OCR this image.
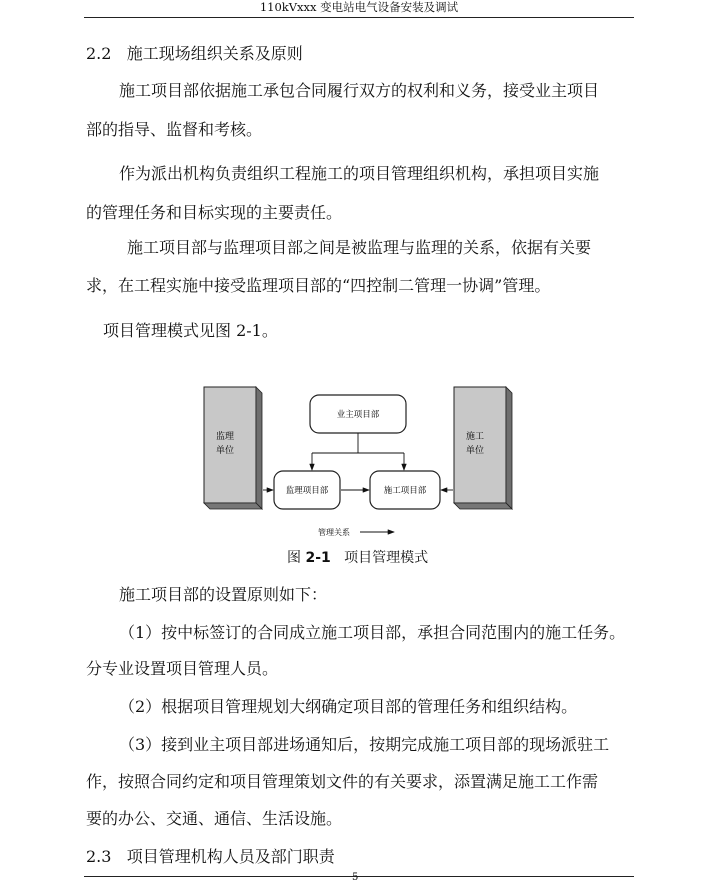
110kVxxx 变电站电气设备安装及调试
2.2 施工现场组织关系及原则
施工项目部依据施工承包合同履行双方的权利和义务，接受业主项目
部的指导、监督和考核。
作为派出机构负责组织工程施工的项目管理组织机构，承担项目实施
的管理任务和目标实现的主要责任。
施工项目部与监理项目部之间是被监理与监理的关系，依据有关要
求，在工程实施中接受监理项目部的“四控制二管理一协调”管理。
项目管理模式见图 2-1。
监理
单位
施工
单位
业主项目部
监理项目部	施工项目部
管理关系
图 2-1 项目管理模式
施工项目部的设置原则如下：
（1）按中标签订的合同成立施工项目部，承担合同范围内的施工任务。
分专业设置项目管理人员。
（2）根据项目管理规划大纲确定项目部的管理任务和组织结构。
（3）接到业主项目部进场通知后，按期完成施工项目部的现场派驻工
作，按照合同约定和项目管理策划文件的有关要求，添置满足施工工作需
要的办公、交通、通信、生活设施。
2.3 项目管理机构人员及部门职责
5
